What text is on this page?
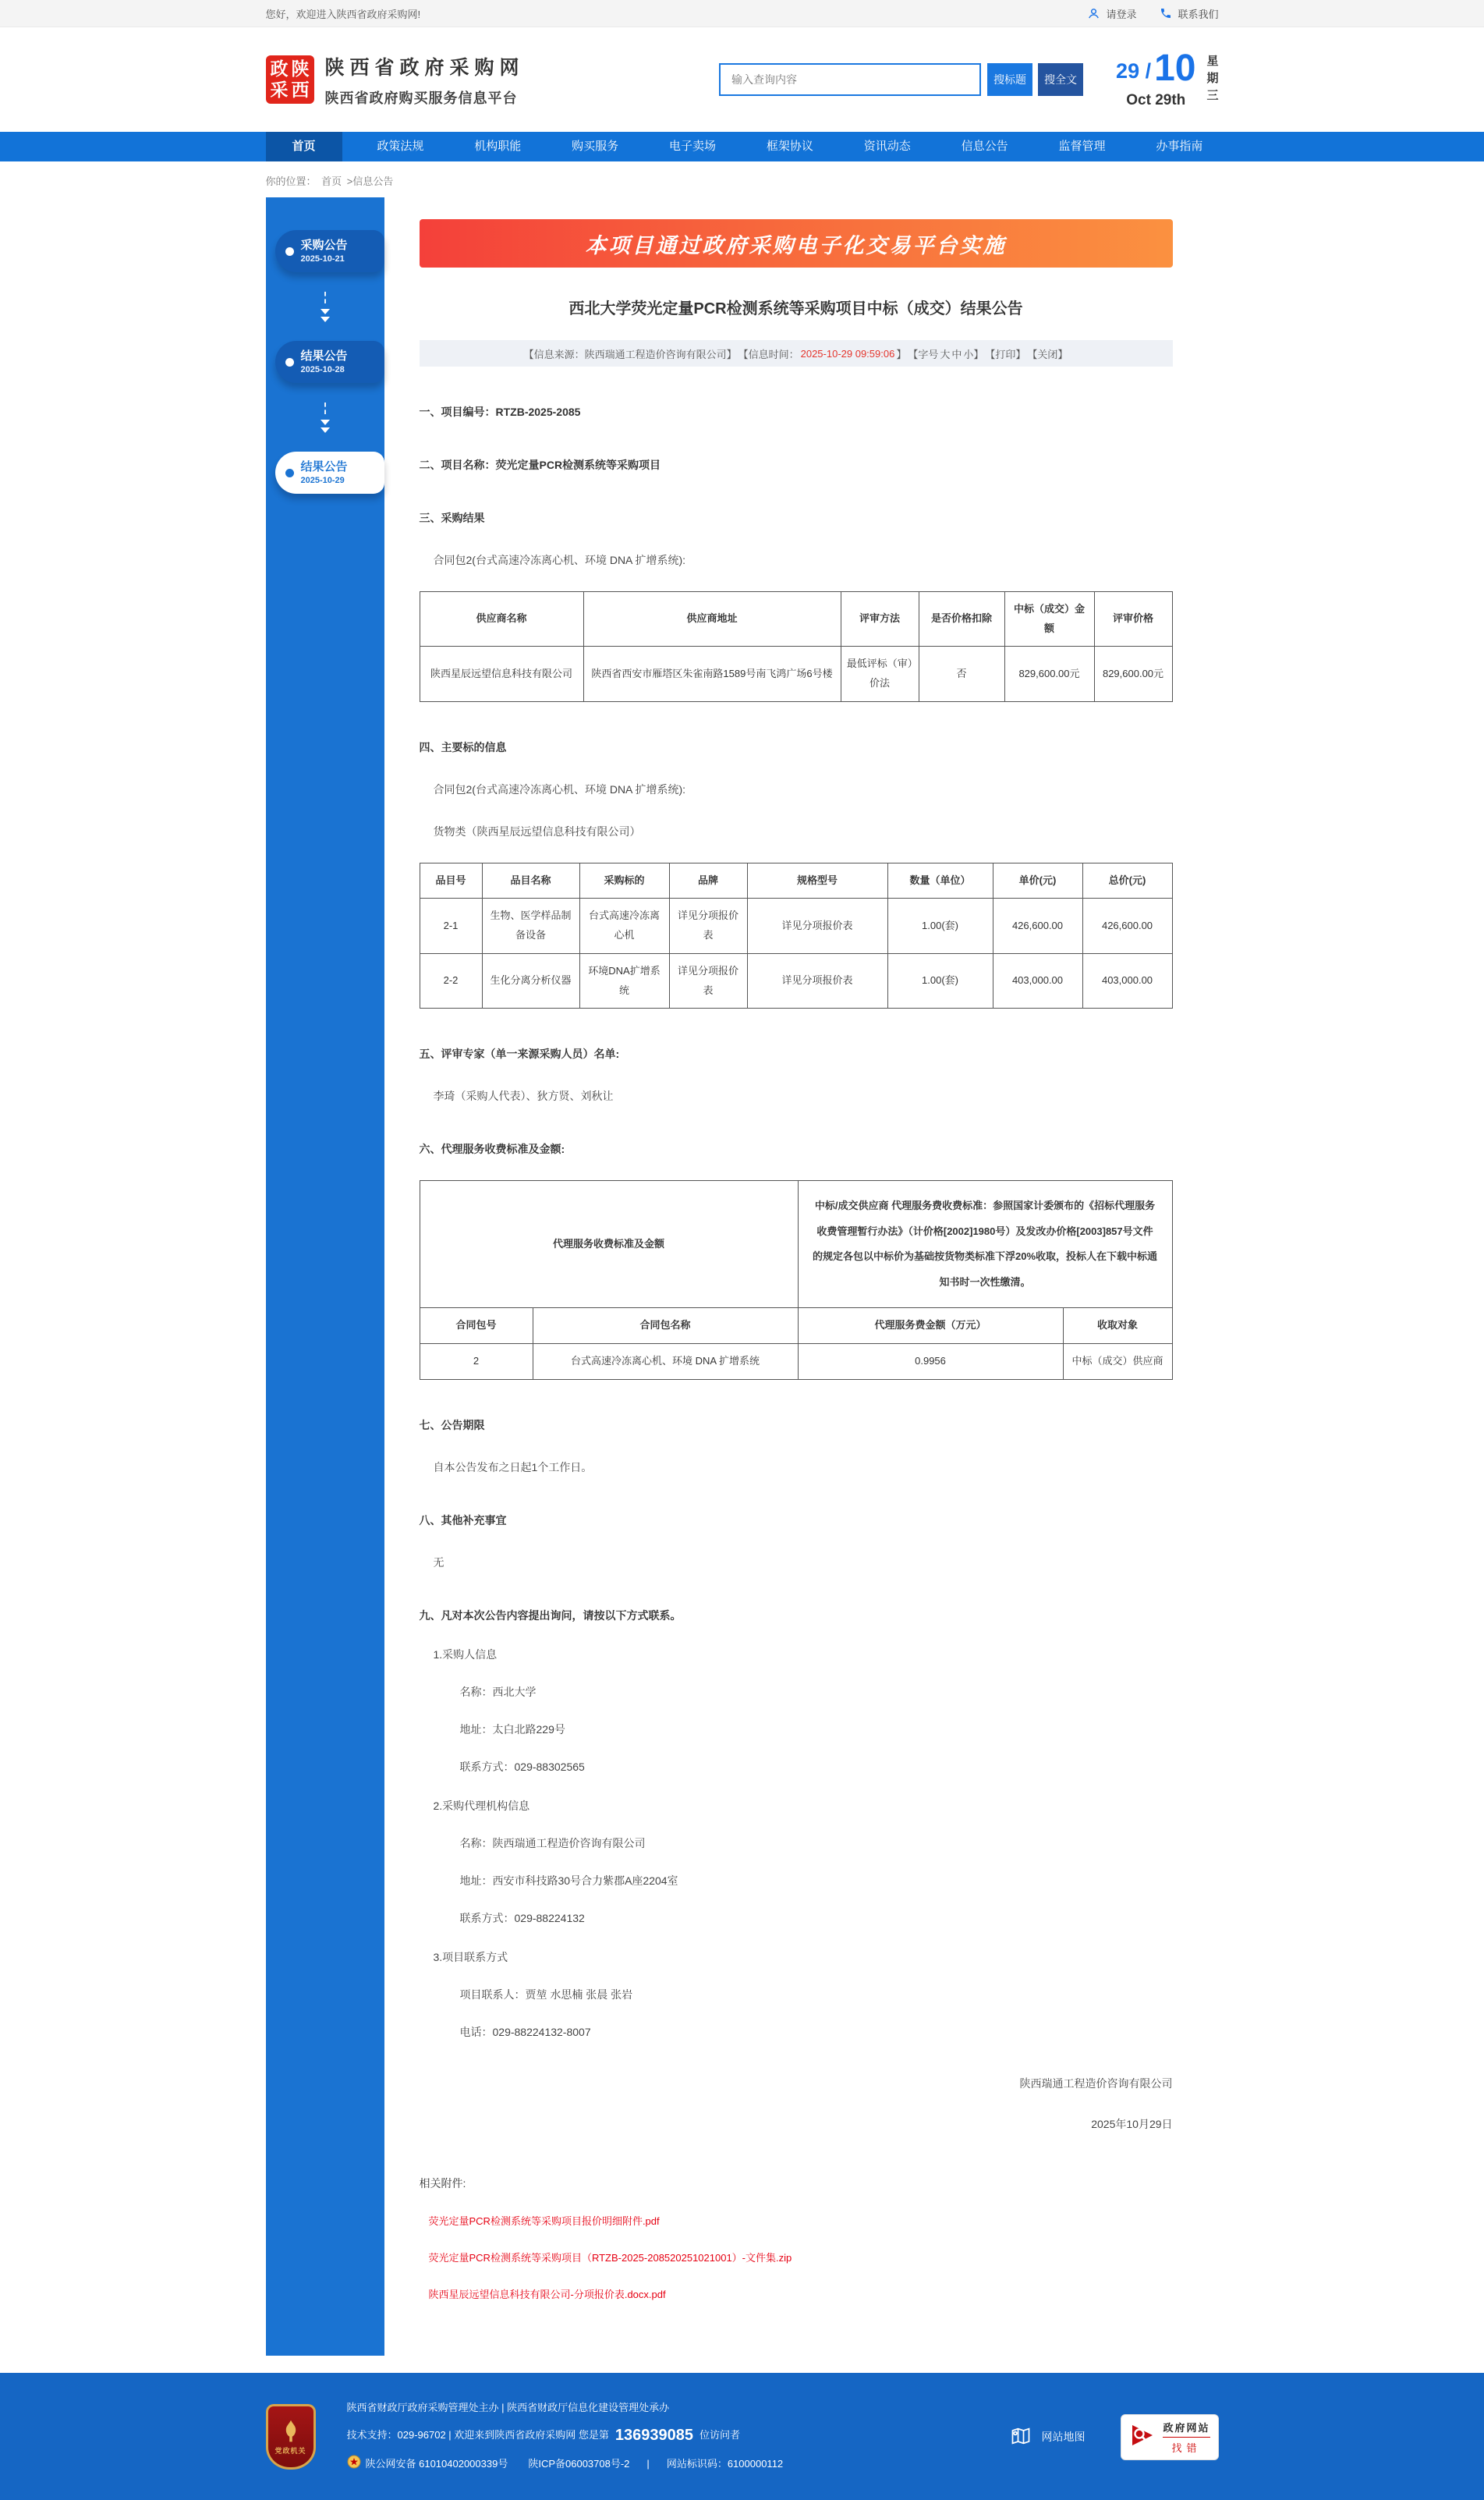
您好，欢迎进入陕西省政府采购网!	请登录	联系我们
政 陕
采 西
陕西省政府采购网
陕西省政府购买服务信息平台
输入查询内容
搜标题	搜全文 29 / 10
Oct 29th
星
期
三
首页	政策法规	机构职能	购买服务	电子卖场	框架协议	资讯动态	信息公告	监督管理	办事指南
你的位置： 首页 >信息公告
采购公告
2025-10-21
结果公告
2025-10-28
结果公告
2025-10-29
本项目通过政府采购电子化交易平台实施
西北大学荧光定量PCR检测系统等采购项目中标（成交）结果公告
【信息来源：陕西瑞通工程造价咨询有限公司】 【信息时间： 2025-10-29 09:59:06 】 【字号 大 中 小】 【打印】 【关闭】
一、项目编号：RTZB-2025-2085
二、项目名称：荧光定量PCR检测系统等采购项目
三、采购结果
合同包2(台式高速冷冻离心机、环境 DNA 扩增系统):
供应商名称	供应商地址	评审方法	是否价格扣除	中标（成交）金额	评审价格
陕西星辰远望信息科技有限公司	陕西省西安市雁塔区朱雀南路1589号南飞鸿广场6号楼	最低评标（审）价法	否	829,600.00元	829,600.00元
四、主要标的信息
合同包2(台式高速冷冻离心机、环境 DNA 扩增系统):
货物类（陕西星辰远望信息科技有限公司）
品目号	品目名称	采购标的	品牌	规格型号	数量（单位）	单价(元)	总价(元)
2-1	生物、医学样品制备设备	台式高速冷冻离心机	详见分项报价表	详见分项报价表	1.00(套)	426,600.00	426,600.00
2-2	生化分离分析仪器	环境DNA扩增系统	详见分项报价表	详见分项报价表	1.00(套)	403,000.00	403,000.00
五、评审专家（单一来源采购人员）名单:
李琦（采购人代表）、狄方贤、刘秋让
六、代理服务收费标准及金额:
代理服务收费标准及金额		中标/成交供应商 代理服务费收费标准：参照国家计委颁布的《招标代理服务收费管理暂行办法》（计价格[2002]1980号）及发改办价格[2003]857号文件的规定各包以中标价为基础按货物类标准下浮20%收取，投标人在下载中标通知书时一次性缴清。	
合同包号	合同包名称	代理服务费金额（万元）	收取对象
2	台式高速冷冻离心机、环境 DNA 扩增系统	0.9956	中标（成交）供应商
七、公告期限
自本公告发布之日起1个工作日。
八、其他补充事宜
无
九、凡对本次公告内容提出询问，请按以下方式联系。
1.采购人信息
名称：西北大学
地址：太白北路229号
联系方式：029-88302565
2.采购代理机构信息
名称：陕西瑞通工程造价咨询有限公司
地址：西安市科技路30号合力紫郡A座2204室
联系方式：029-88224132
3.项目联系方式
项目联系人：贾堃 水思楠 张晨 张岩
电话：029-88224132-8007
陕西瑞通工程造价咨询有限公司
2025年10月29日
相关附件:
荧光定量PCR检测系统等采购项目报价明细附件.pdf
荧光定量PCR检测系统等采购项目（RTZB-2025-208520251021001）-文件集.zip
陕西星辰远望信息科技有限公司-分项报价表.docx.pdf
党政机关
陕西省财政厅政府采购管理处主办 | 陕西省财政厅信息化建设管理处承办
技术支持：029-96702 | 欢迎来到陕西省政府采购网 您是第 136939085 位访问者
陕公网安备 61010402000339号 陕ICP备06003708号-2 | 网站标识码：6100000112
网站地图
政府网站
找错
